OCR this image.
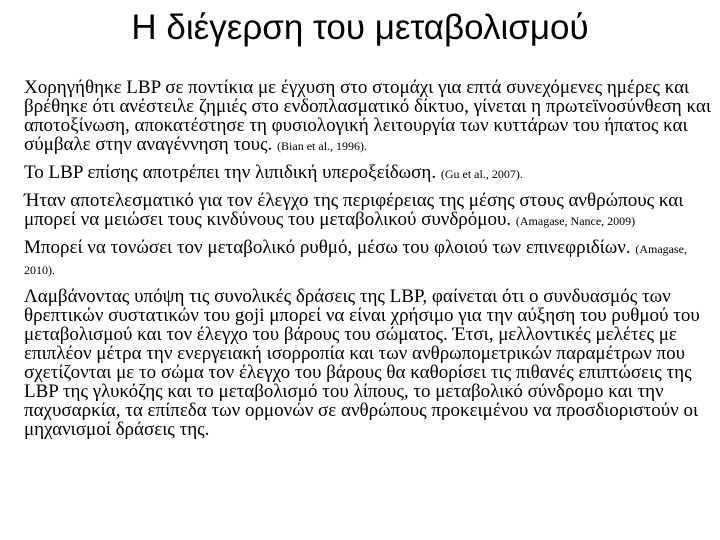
Η διέγερση του μεταβολισμού

Χορηγήθηκε LBP σε ποντίκια με έγχυση στο στομάχι για επτά συνεχόμενες ημέρες και βρέθηκε ότι ανέστειλε ζημιές στο ενδοπλασματικό δίκτυο, γίνεται η πρωτεϊνοσύνθεση και αποτοξίνωση, αποκατέστησε τη φυσιολογική λειτουργία των κυττάρων του ήπατος και σύμβαλε στην αναγέννηση τους. (Bian et al., 1996).

Το LBP επίσης αποτρέπει την λιπιδική υπεροξείδωση. (Gu et al., 2007).

Ήταν αποτελεσματικό για τον έλεγχο της περιφέρειας της μέσης στους ανθρώπους και μπορεί να μειώσει τους κινδύνους του μεταβολικού συνδρόμου. (Amagase, Nance, 2009)

Μπορεί να τονώσει τον μεταβολικό ρυθμό, μέσω του φλοιού των επινεφριδίων. (Amagase, 2010).

Λαμβάνοντας υπόψη τις συνολικές δράσεις της LBP, φαίνεται ότι ο συνδυασμός των θρεπτικών συστατικών του goji μπορεί να είναι χρήσιμο για την αύξηση του ρυθμού του μεταβολισμού και τον έλεγχο του βάρους του σώματος. Έτσι, μελλοντικές μελέτες με επιπλέον μέτρα την ενεργειακή ισορροπία και των ανθρωπομετρικών παραμέτρων που σχετίζονται με το σώμα τον έλεγχο του βάρους θα καθορίσει τις πιθανές επιπτώσεις της LBP της γλυκόζης και το μεταβολισμό του λίπους, το μεταβολικό σύνδρομο και την παχυσαρκία, τα επίπεδα των ορμονών σε ανθρώπους προκειμένου να προσδιοριστούν οι μηχανισμοί δράσεις της.
